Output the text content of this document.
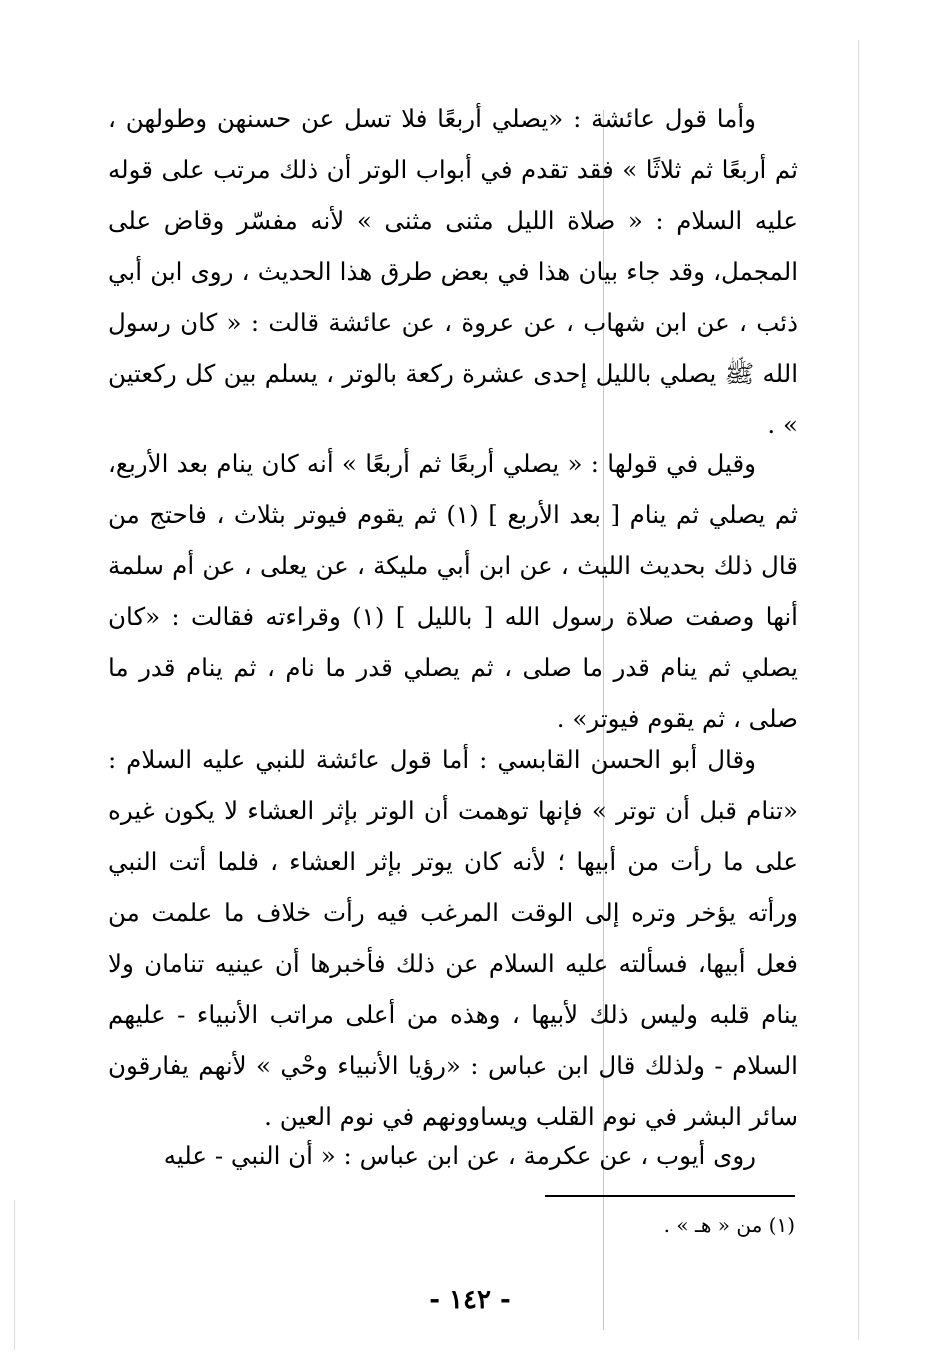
وأما قول عائشة : «يصلي أربعًا فلا تسل عن حسنهن وطولهن ، ثم أربعًا ثم ثلاثًا » فقد تقدم في أبواب الوتر أن ذلك مرتب على قوله عليه السلام : « صلاة الليل مثنى مثنى » لأنه مفسّر وقاض على المجمل، وقد جاء بيان هذا في بعض طرق هذا الحديث ، روى ابن أبي ذئب ، عن ابن شهاب ، عن عروة ، عن عائشة قالت : « كان رسول الله ﷺ يصلي بالليل إحدى عشرة ركعة بالوتر ، يسلم بين كل ركعتين » .

وقيل في قولها : « يصلي أربعًا ثم أربعًا » أنه كان ينام بعد الأربع، ثم يصلي ثم ينام [ بعد الأربع ] (١) ثم يقوم فيوتر بثلاث ، فاحتج من قال ذلك بحديث الليث ، عن ابن أبي مليكة ، عن يعلى ، عن أم سلمة أنها وصفت صلاة رسول الله [ بالليل ] (١) وقراءته فقالت : «كان يصلي ثم ينام قدر ما صلى ، ثم يصلي قدر ما نام ، ثم ينام قدر ما صلى ، ثم يقوم فيوتر» .

وقال أبو الحسن القابسي : أما قول عائشة للنبي عليه السلام : «تنام قبل أن توتر » فإنها توهمت أن الوتر بإثر العشاء لا يكون غيره على ما رأت من أبيها ؛ لأنه كان يوتر بإثر العشاء ، فلما أتت النبي ورأته يؤخر وتره إلى الوقت المرغب فيه رأت خلاف ما علمت من فعل أبيها، فسألته عليه السلام عن ذلك فأخبرها أن عينيه تنامان ولا ينام قلبه وليس ذلك لأبيها ، وهذه من أعلى مراتب الأنبياء - عليهم السلام - ولذلك قال ابن عباس : «رؤيا الأنبياء وحْي » لأنهم يفارقون سائر البشر في نوم القلب ويساوونهم في نوم العين .

روى أيوب ، عن عكرمة ، عن ابن عباس : « أن النبي - عليه

(١) من « هـ » .
- ١٤٢ -
